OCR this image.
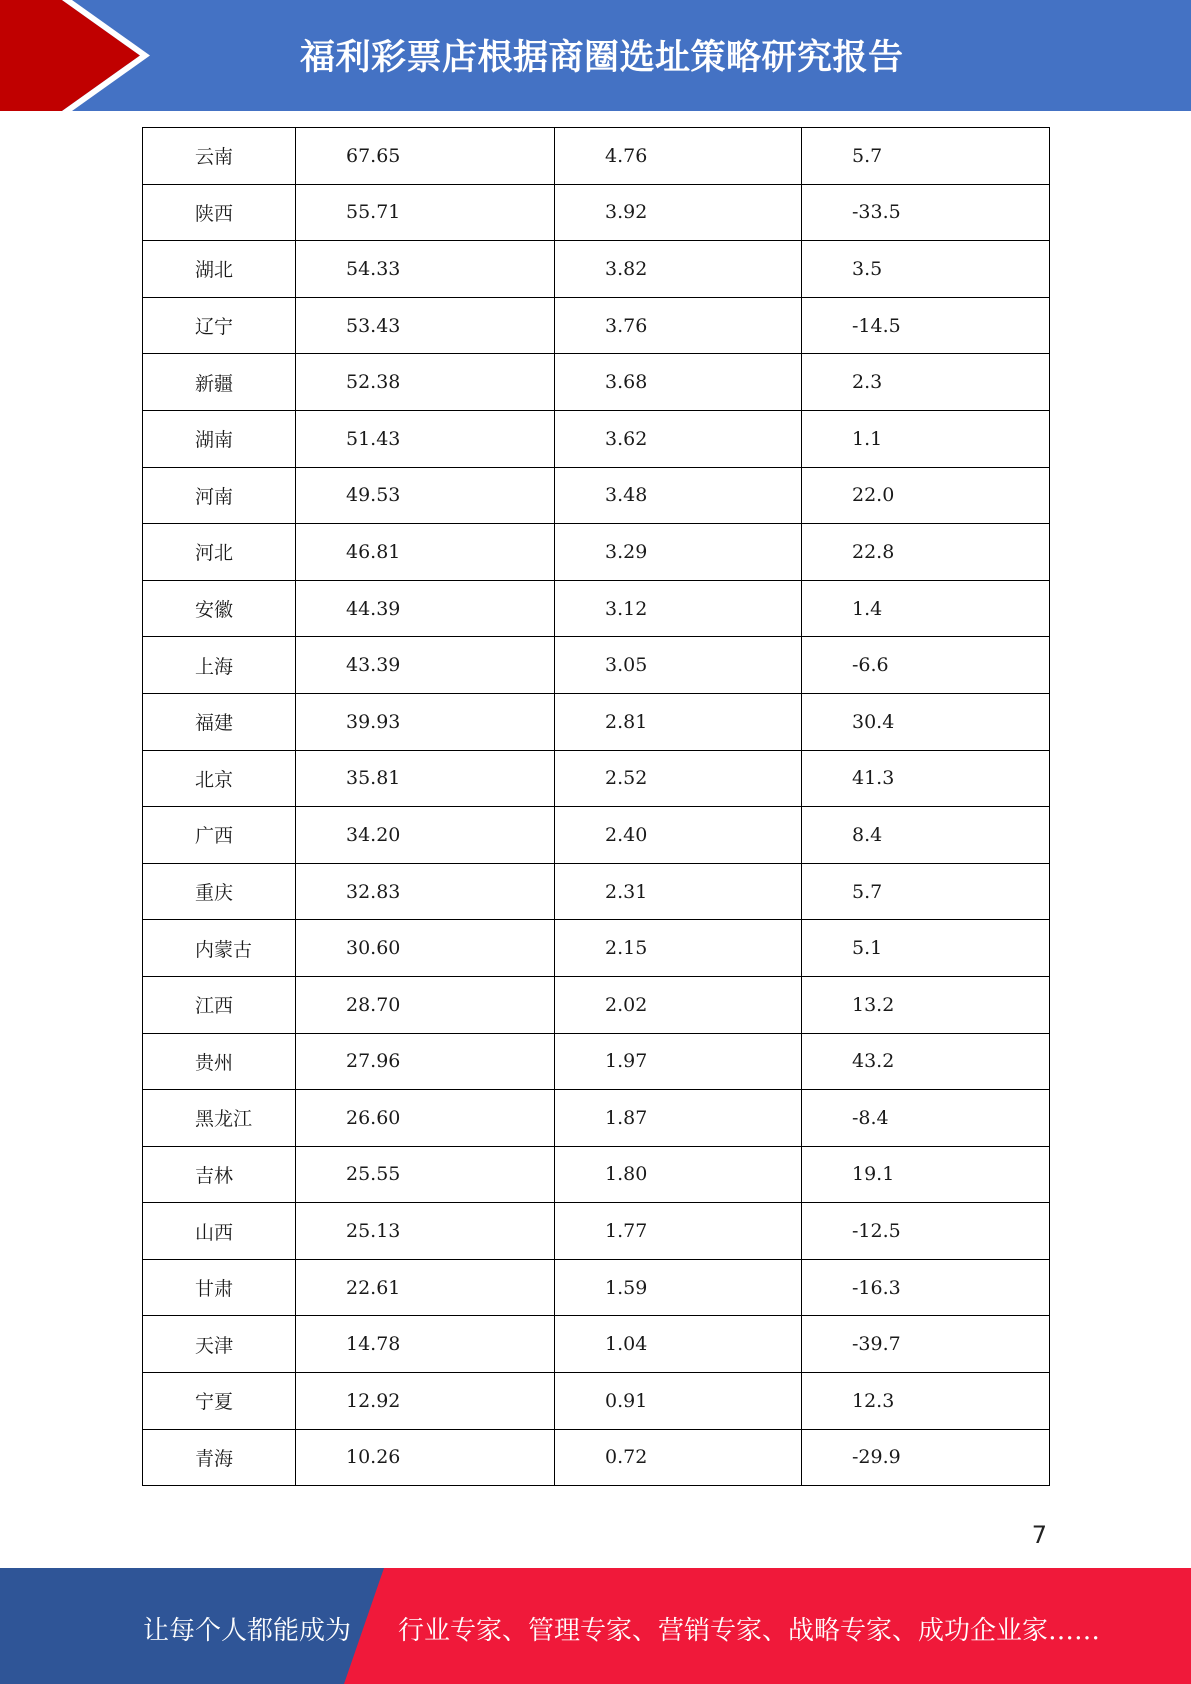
福利彩票店根据商圈选址策略研究报告
云南	67.65	4.76	5.7
陕西	55.71	3.92	-33.5
湖北	54.33	3.82	3.5
辽宁	53.43	3.76	-14.5
新疆	52.38	3.68	2.3
湖南	51.43	3.62	1.1
河南	49.53	3.48	22.0
河北	46.81	3.29	22.8
安徽	44.39	3.12	1.4
上海	43.39	3.05	-6.6
福建	39.93	2.81	30.4
北京	35.81	2.52	41.3
广西	34.20	2.40	8.4
重庆	32.83	2.31	5.7
内蒙古	30.60	2.15	5.1
江西	28.70	2.02	13.2
贵州	27.96	1.97	43.2
黑龙江	26.60	1.87	-8.4
吉林	25.55	1.80	19.1
山西	25.13	1.77	-12.5
甘肃	22.61	1.59	-16.3
天津	14.78	1.04	-39.7
宁夏	12.92	0.91	12.3
青海	10.26	0.72	-29.9
7
让每个人都能成为 行业专家、管理专家、营销专家、战略专家、成功企业家……
